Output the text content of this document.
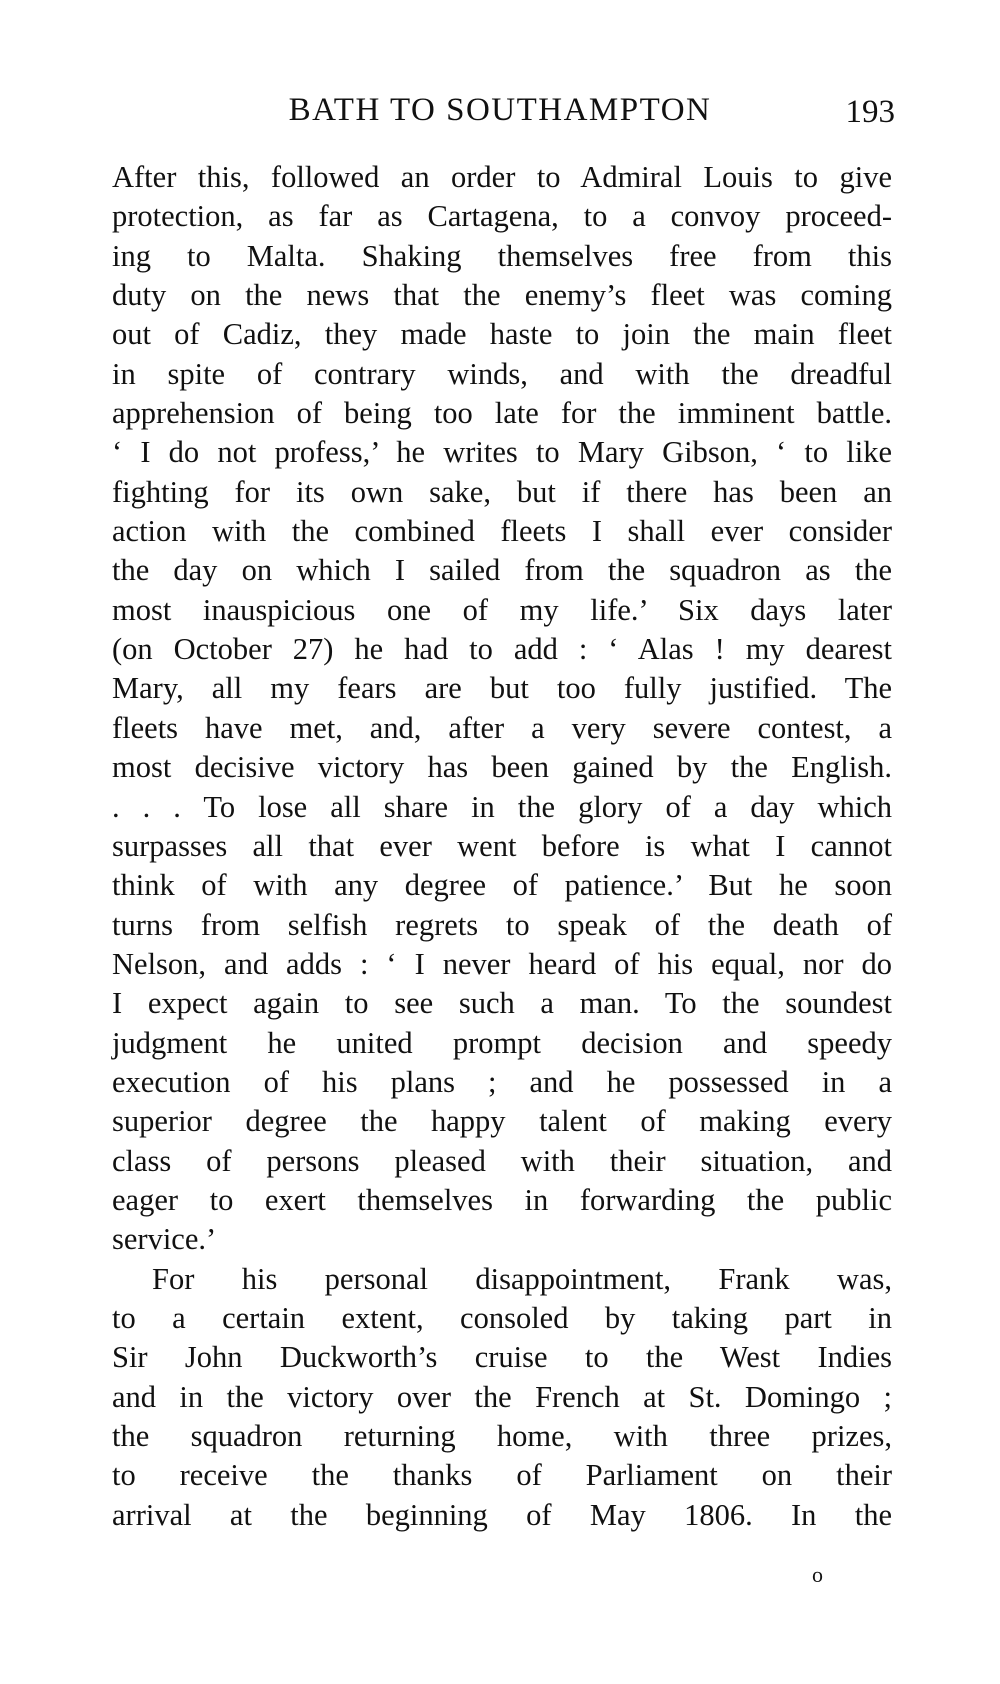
BATH TO SOUTHAMPTON	193
After this, followed an order to Admiral Louis to give
protection, as far as Cartagena, to a convoy proceed-
ing to Malta. Shaking themselves free from this
duty on the news that the enemy’s fleet was coming
out of Cadiz, they made haste to join the main fleet
in spite of contrary winds, and with the dreadful
apprehension of being too late for the imminent battle.
‘ I do not profess,’ he writes to Mary Gibson, ‘ to like
fighting for its own sake, but if there has been an
action with the combined fleets I shall ever consider
the day on which I sailed from the squadron as the
most inauspicious one of my life.’ Six days later
(on October 27) he had to add : ‘ Alas ! my dearest
Mary, all my fears are but too fully justified. The
fleets have met, and, after a very severe contest, a
most decisive victory has been gained by the English.
. . . To lose all share in the glory of a day which
surpasses all that ever went before is what I cannot
think of with any degree of patience.’ But he soon
turns from selfish regrets to speak of the death of
Nelson, and adds : ‘ I never heard of his equal, nor do
I expect again to see such a man. To the soundest
judgment he united prompt decision and speedy
execution of his plans ; and he possessed in a
superior degree the happy talent of making every
class of persons pleased with their situation, and
eager to exert themselves in forwarding the public
service.’
For his personal disappointment, Frank was,
to a certain extent, consoled by taking part in
Sir John Duckworth’s cruise to the West Indies
and in the victory over the French at St. Domingo ;
the squadron returning home, with three prizes,
to receive the thanks of Parliament on their
arrival at the beginning of May 1806. In the
o
